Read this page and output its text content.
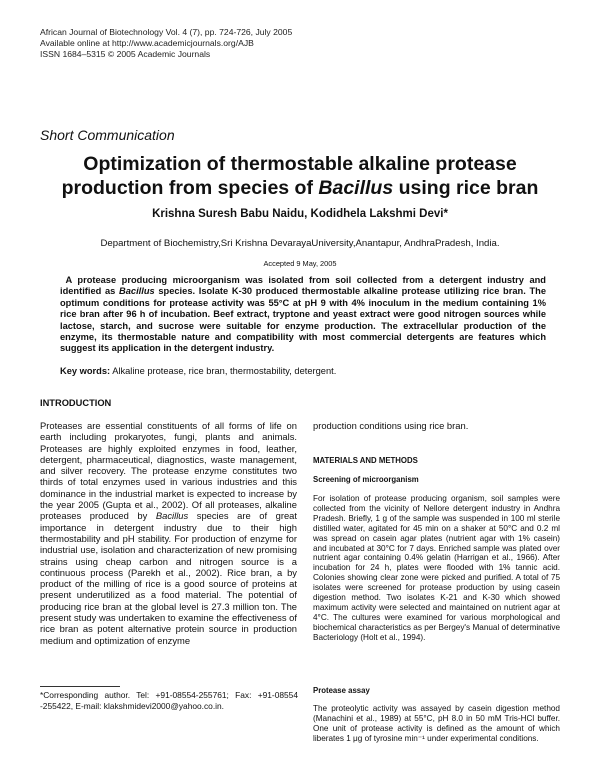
African Journal of Biotechnology Vol. 4 (7), pp. 724-726, July 2005
Available online at http://www.academicjournals.org/AJB
ISSN 1684–5315 © 2005 Academic Journals
Short Communication
Optimization of thermostable alkaline protease
production from species of Bacillus using rice bran
Krishna Suresh Babu Naidu, Kodidhela Lakshmi Devi*
Department of Biochemistry,Sri Krishna DevarayaUniversity,Anantapur, AndhraPradesh, India.
Accepted 9 May, 2005
A protease producing microorganism was isolated from soil collected from a detergent industry and identified as Bacillus species. Isolate K-30 produced thermostable alkaline protease utilizing rice bran. The optimum conditions for protease activity was 55°C at pH 9 with 4% inoculum in the medium containing 1% rice bran after 96 h of incubation. Beef extract, tryptone and yeast extract were good nitrogen sources while lactose, starch, and sucrose were suitable for enzyme production. The extracellular production of the enzyme, its thermostable nature and compatibility with most commercial detergents are features which suggest its application in the detergent industry.
Key words: Alkaline protease, rice bran, thermostability, detergent.
INTRODUCTION
Proteases are essential constituents of all forms of life on earth including prokaryotes, fungi, plants and animals. Proteases are highly exploited enzymes in food, leather, detergent, pharmaceutical, diagnostics, waste management, and silver recovery. The protease enzyme constitutes two thirds of total enzymes used in various industries and this dominance in the industrial market is expected to increase by the year 2005 (Gupta et al., 2002). Of all proteases, alkaline proteases produced by Bacillus species are of great importance in detergent industry due to their high thermostability and pH stability. For production of enzyme for industrial use, isolation and characterization of new promising strains using cheap carbon and nitrogen source is a continuous process (Parekh et al., 2002). Rice bran, a by product of the milling of rice is a good source of proteins at present underutilized as a food material. The potential of producing rice bran at the global level is 27.3 million ton. The present study was undertaken to examine the effectiveness of rice bran as potent alternative protein source in production medium and optimization of enzyme
*Corresponding author. Tel: +91-08554-255761; Fax: +91-08554 -255422, E-mail: klakshmidevi2000@yahoo.co.in.
production conditions using rice bran.
MATERIALS AND METHODS
Screening of microorganism
For isolation of protease producing organism, soil samples were collected from the vicinity of Nellore detergent industry in Andhra Pradesh. Briefly, 1 g of the sample was suspended in 100 ml sterile distilled water, agitated for 45 min on a shaker at 50°C and 0.2 ml was spread on casein agar plates (nutrient agar with 1% casein) and incubated at 30°C for 7 days. Enriched sample was plated over nutrient agar containing 0.4% gelatin (Harrigan et al., 1966). After incubation for 24 h, plates were flooded with 1% tannic acid. Colonies showing clear zone were picked and purified. A total of 75 isolates were screened for protease production by using casein digestion method. Two isolates K-21 and K-30 which showed maximum activity were selected and maintained on nutrient agar at 4°C. The cultures were examined for various morphological and biochemical characteristics as per Bergey's Manual of determinative Bacteriology (Holt et al., 1994).
Protease assay
The proteolytic activity was assayed by casein digestion method (Manachini et al., 1989) at 55°C, pH 8.0 in 50 mM Tris-HCl buffer. One unit of protease activity is defined as the amount of which liberates 1 μg of tyrosine min⁻¹ under experimental conditions.
